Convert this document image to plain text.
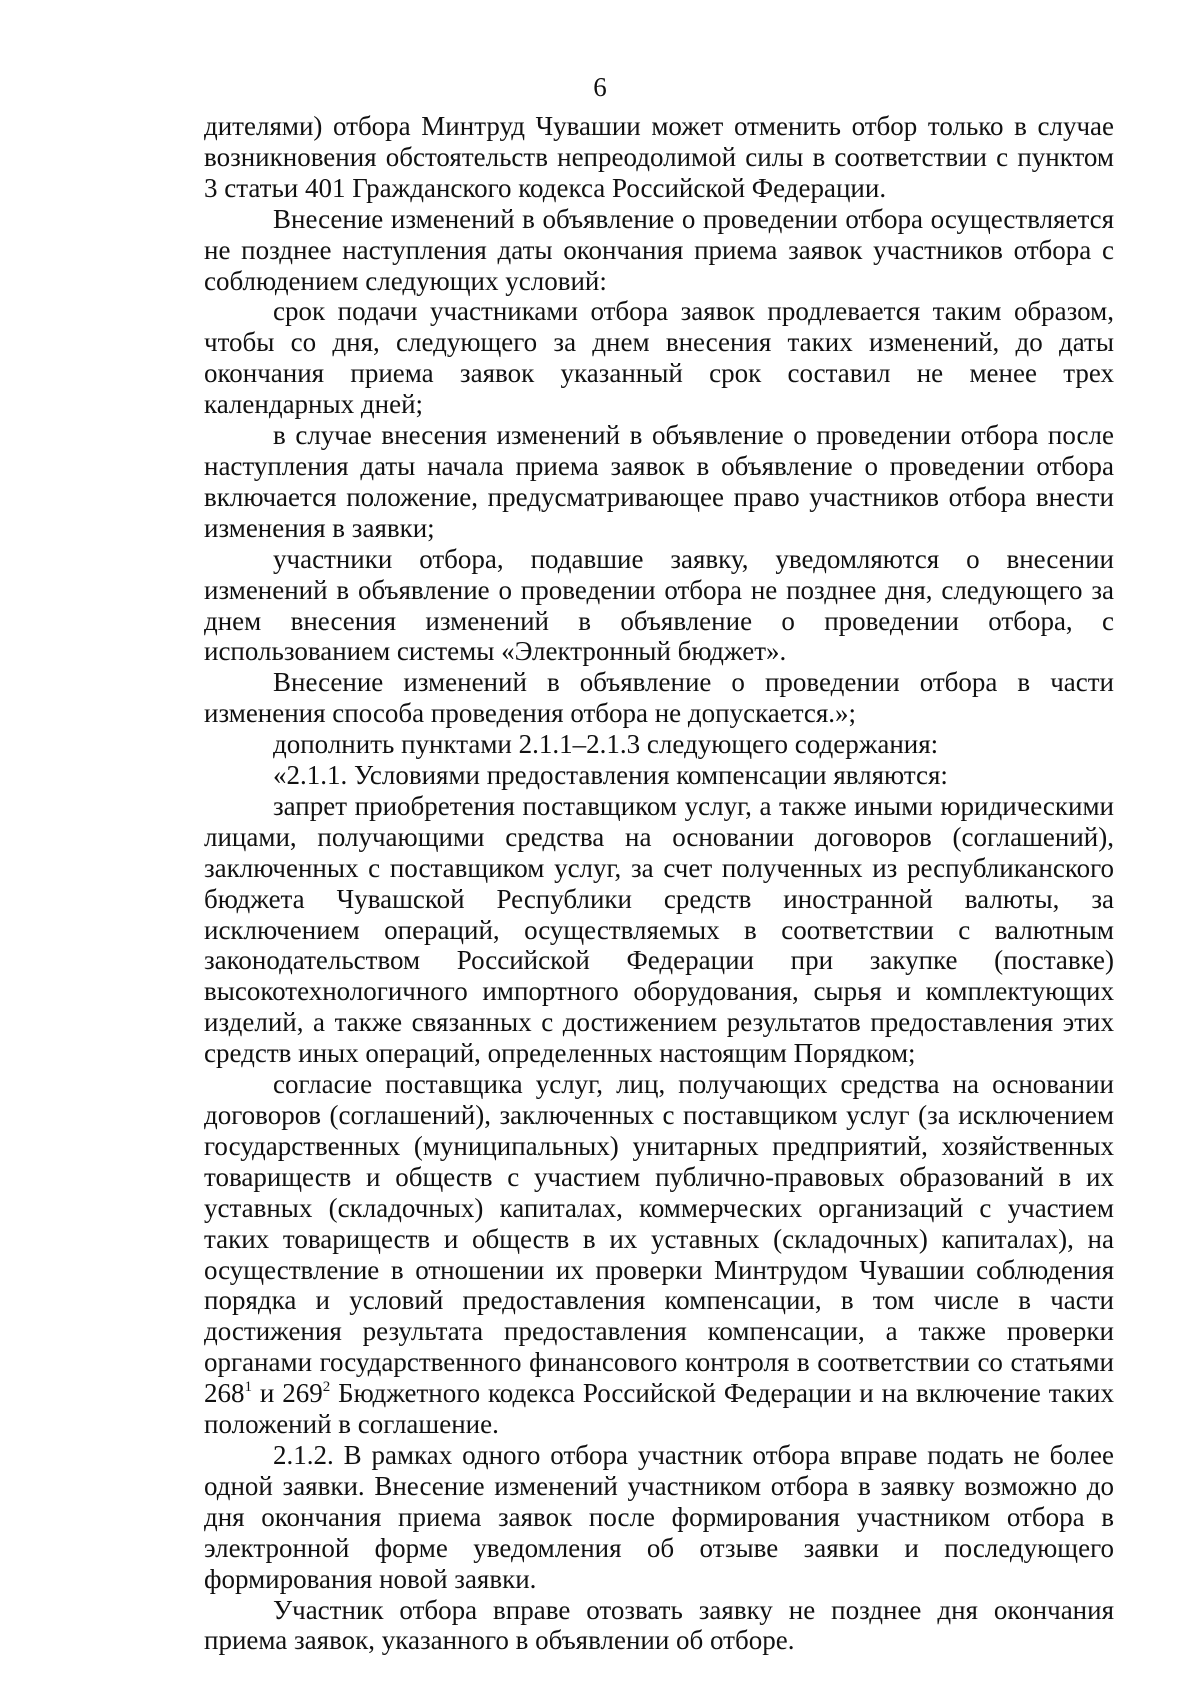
6

дителями) отбора Минтруд Чувашии может отменить отбор только в случае возникновения обстоятельств непреодолимой силы в соответствии с пунктом 3 статьи 401 Гражданского кодекса Российской Федерации.

Внесение изменений в объявление о проведении отбора осуществляется не позднее наступления даты окончания приема заявок участников отбора с соблюдением следующих условий:

срок подачи участниками отбора заявок продлевается таким образом, чтобы со дня, следующего за днем внесения таких изменений, до даты окончания приема заявок указанный срок составил не менее трех календарных дней;

в случае внесения изменений в объявление о проведении отбора после наступления даты начала приема заявок в объявление о проведении отбора включается положение, предусматривающее право участников отбора внести изменения в заявки;

участники отбора, подавшие заявку, уведомляются о внесении изменений в объявление о проведении отбора не позднее дня, следующего за днем внесения изменений в объявление о проведении отбора, с использованием системы «Электронный бюджет».

Внесение изменений в объявление о проведении отбора в части изменения способа проведения отбора не допускается.»;

дополнить пунктами 2.1.1–2.1.3 следующего содержания:

«2.1.1. Условиями предоставления компенсации являются:

запрет приобретения поставщиком услуг, а также иными юридическими лицами, получающими средства на основании договоров (соглашений), заключенных с поставщиком услуг, за счет полученных из республиканского бюджета Чувашской Республики средств иностранной валюты, за исключением операций, осуществляемых в соответствии с валютным законодательством Российской Федерации при закупке (поставке) высокотехнологичного импортного оборудования, сырья и комплектующих изделий, а также связанных с достижением результатов предоставления этих средств иных операций, определенных настоящим Порядком;

согласие поставщика услуг, лиц, получающих средства на основании договоров (соглашений), заключенных с поставщиком услуг (за исключением государственных (муниципальных) унитарных предприятий, хозяйственных товариществ и обществ с участием публично-правовых образований в их уставных (складочных) капиталах, коммерческих организаций с участием таких товариществ и обществ в их уставных (складочных) капиталах), на осуществление в отношении их проверки Минтрудом Чувашии соблюдения порядка и условий предоставления компенсации, в том числе в части достижения результата предоставления компенсации, а также проверки органами государственного финансового контроля в соответствии со статьями $268^1$ и $269^2$ Бюджетного кодекса Российской Федерации и на включение таких положений в соглашение.

2.1.2. В рамках одного отбора участник отбора вправе подать не более одной заявки. Внесение изменений участником отбора в заявку возможно до дня окончания приема заявок после формирования участником отбора в электронной форме уведомления об отзыве заявки и последующего формирования новой заявки.

Участник отбора вправе отозвать заявку не позднее дня окончания приема заявок, указанного в объявлении об отборе.
